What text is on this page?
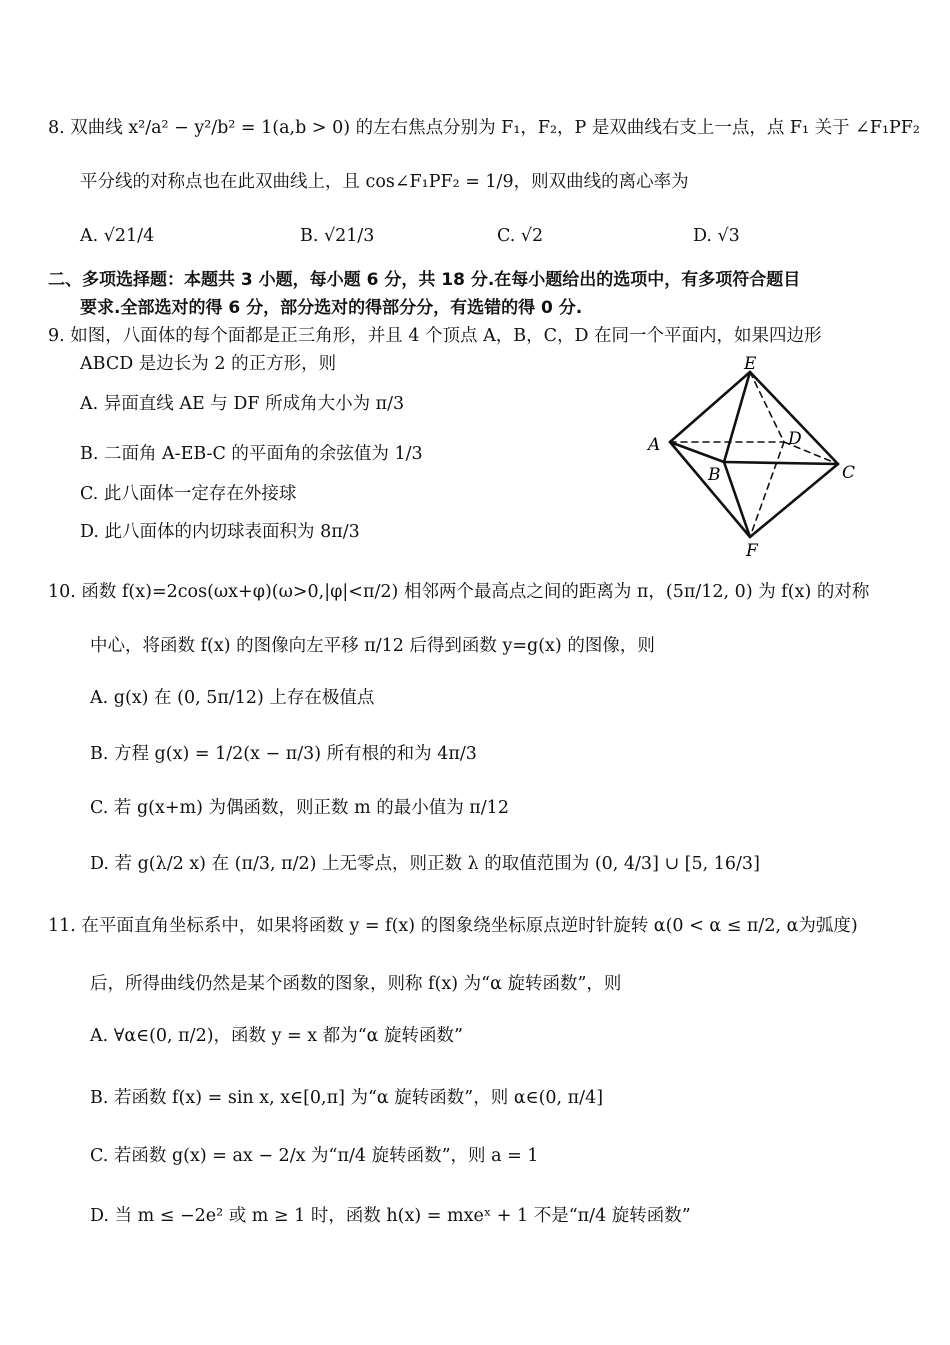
8. 双曲线 x²/a² − y²/b² = 1(a,b > 0) 的左右焦点分别为 F₁，F₂，P 是双曲线右支上一点，点 F₁ 关于 ∠F₁PF₂
平分线的对称点也在此双曲线上，且 cos∠F₁PF₂ = 1/9，则双曲线的离心率为
A. √21/4	B. √21/3	C. √2	D. √3
二、多项选择题：本题共 3 小题，每小题 6 分，共 18 分.在每小题给出的选项中，有多项符合题目
要求.全部选对的得 6 分，部分选对的得部分分，有选错的得 0 分.
9. 如图，八面体的每个面都是正三角形，并且 4 个顶点 A，B，C，D 在同一个平面内，如果四边形
ABCD 是边长为 2 的正方形，则
A. 异面直线 AE 与 DF 所成角大小为 π/3
B. 二面角 A-EB-C 的平面角的余弦值为 1/3
C. 此八面体一定存在外接球
D. 此八面体的内切球表面积为 8π/3
E
A
B	C
D
F
10. 函数 f(x)=2cos(ωx+φ)(ω>0,|φ|<π/2) 相邻两个最高点之间的距离为 π，(5π/12, 0) 为 f(x) 的对称
中心，将函数 f(x) 的图像向左平移 π/12 后得到函数 y=g(x) 的图像，则
A. g(x) 在 (0, 5π/12) 上存在极值点
B. 方程 g(x) = 1/2(x − π/3) 所有根的和为 4π/3
C. 若 g(x+m) 为偶函数，则正数 m 的最小值为 π/12
D. 若 g(λ/2 x) 在 (π/3, π/2) 上无零点，则正数 λ 的取值范围为 (0, 4/3] ∪ [5, 16/3]
11. 在平面直角坐标系中，如果将函数 y = f(x) 的图象绕坐标原点逆时针旋转 α(0 < α ≤ π/2, α为弧度)
后，所得曲线仍然是某个函数的图象，则称 f(x) 为“α 旋转函数”，则
A. ∀α∈(0, π/2)，函数 y = x 都为“α 旋转函数”
B. 若函数 f(x) = sin x, x∈[0,π] 为“α 旋转函数”，则 α∈(0, π/4]
C. 若函数 g(x) = ax − 2/x 为“π/4 旋转函数”，则 a = 1
D. 当 m ≤ −2e² 或 m ≥ 1 时，函数 h(x) = mxeˣ + 1 不是“π/4 旋转函数”
